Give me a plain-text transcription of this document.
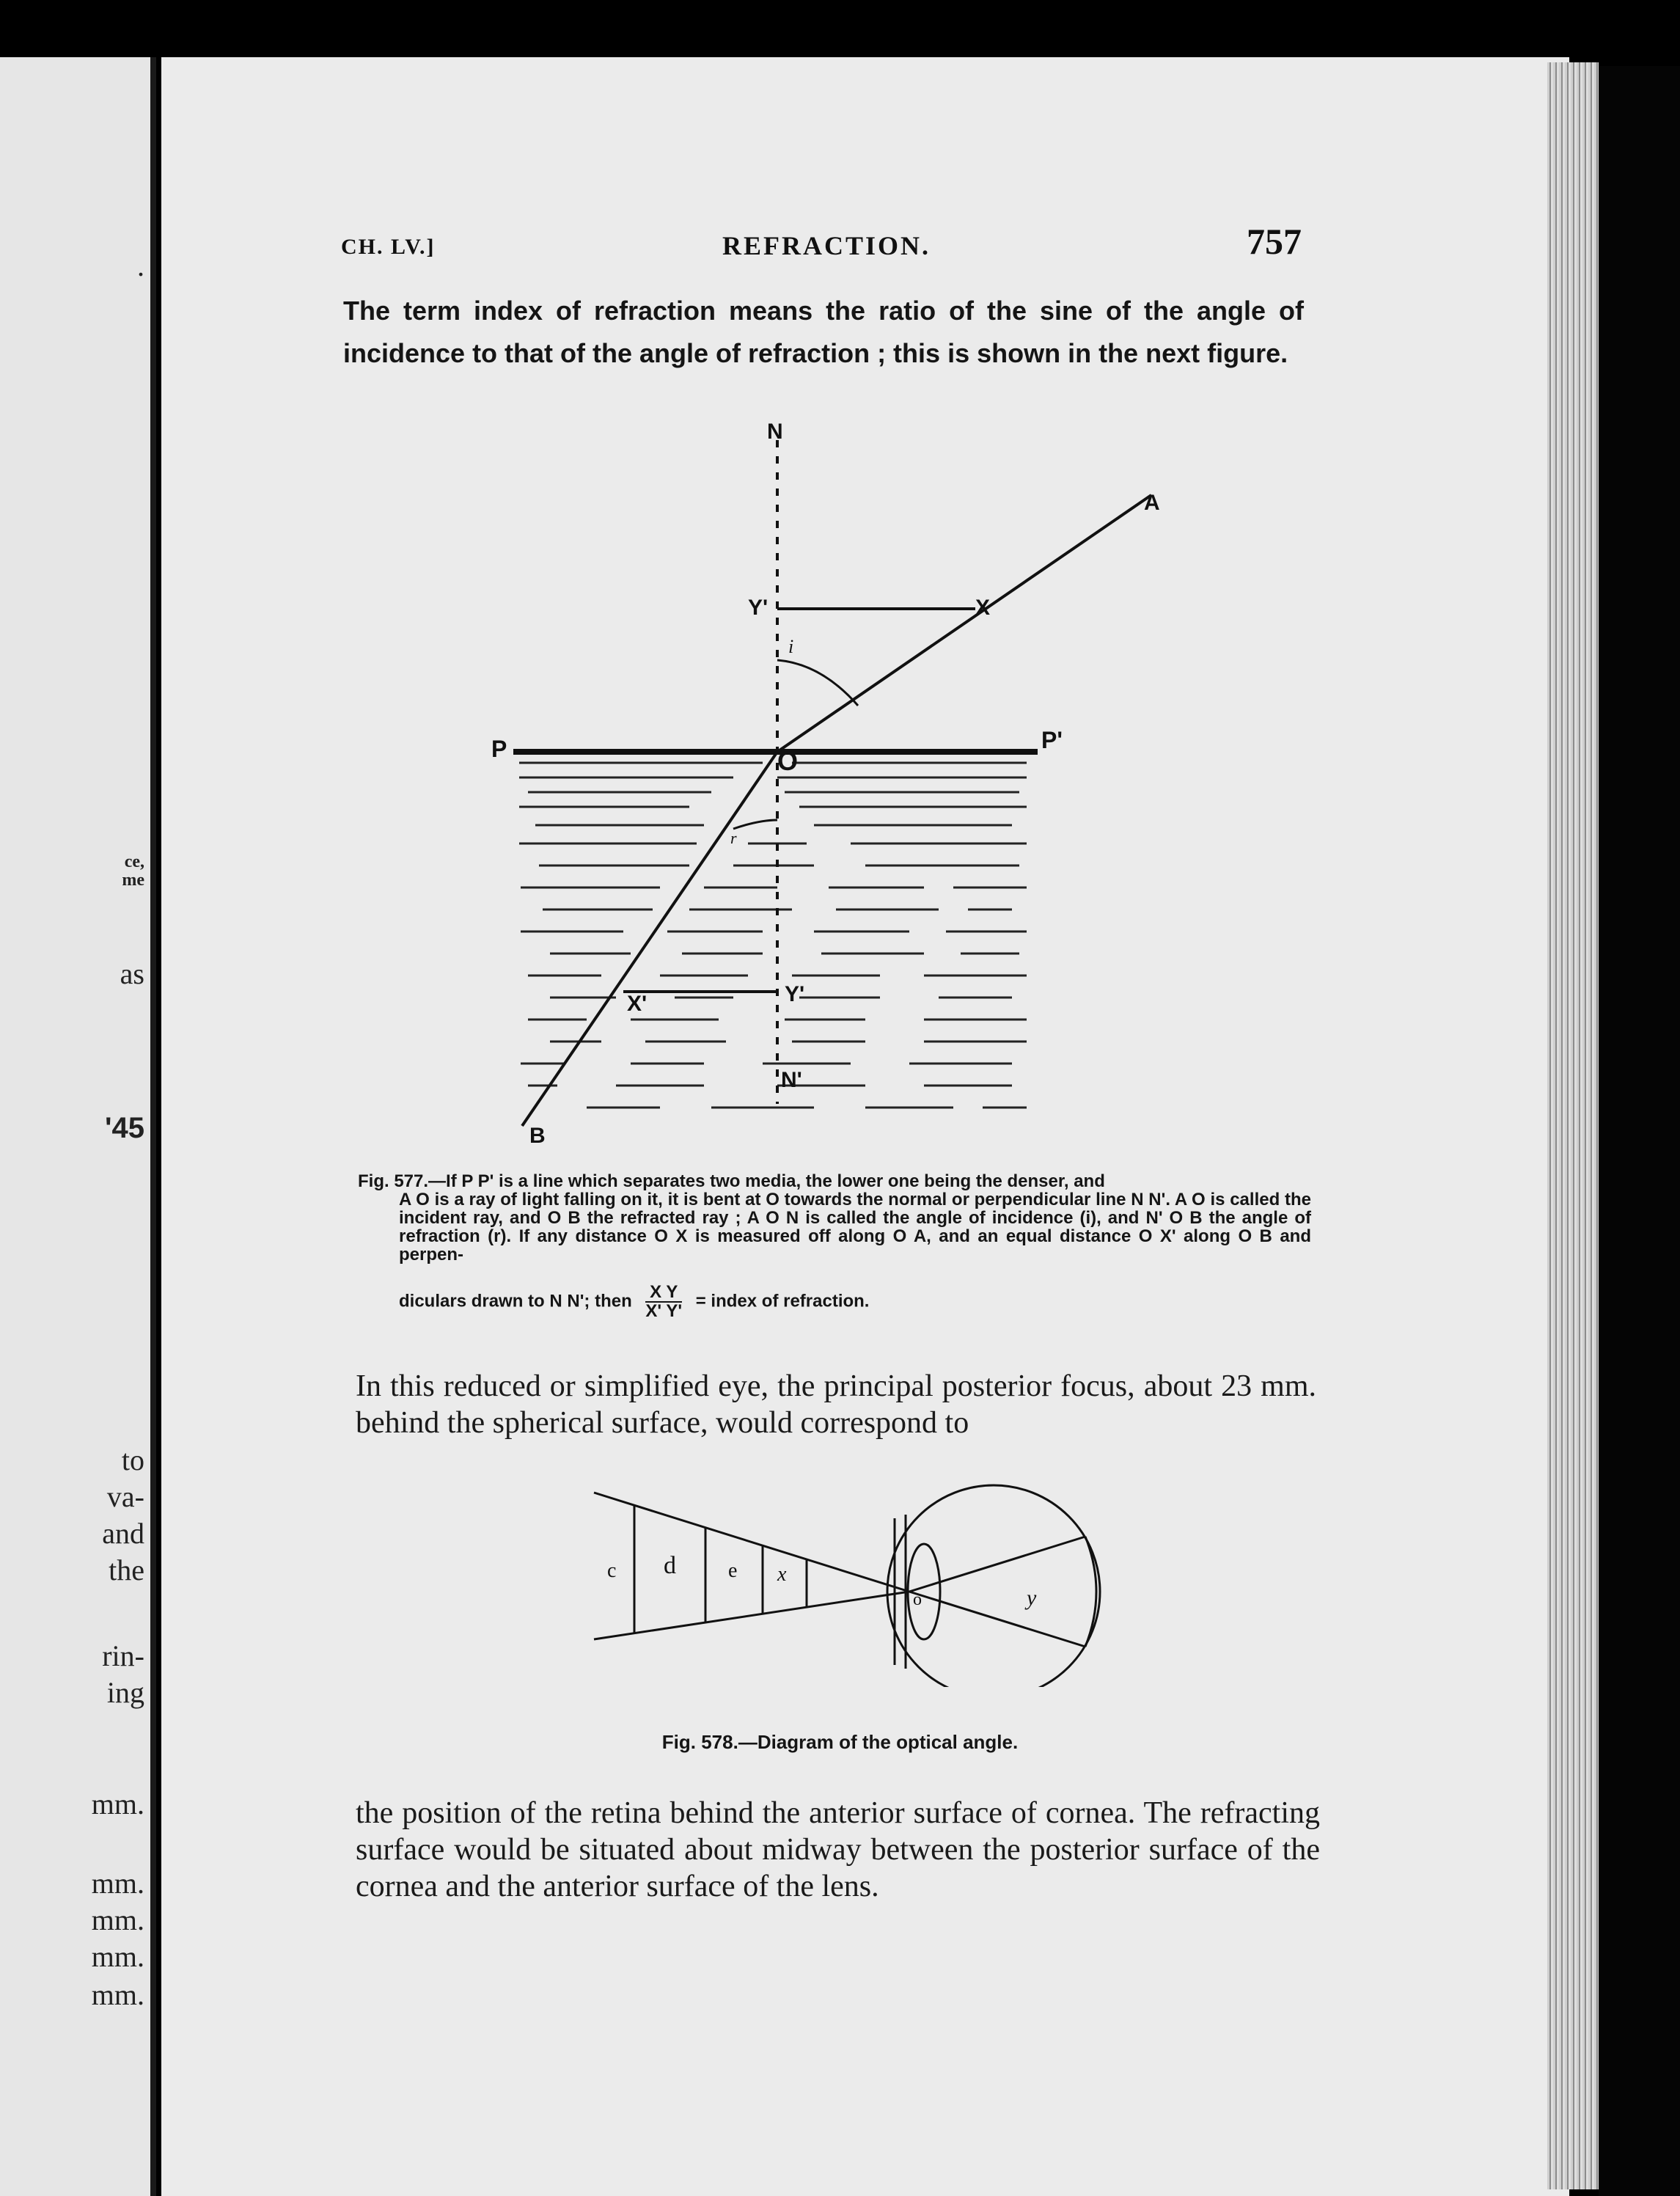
.
ce,
me
as
'45
to
va-
and
the
rin-
ing
mm.
mm.
mm.
mm.
mm.
CH. LV.]	REFRACTION.	757
The term index of refraction means the ratio of the sine of the angle of incidence to that of the angle of refraction ; this is shown in the next figure.
N
A
X
Y'
i
P	P'
O
r
X'	Y'
N'
B
Fig. 577.—If P P' is a line which separates two media, the lower one being the denser, and
A O is a ray of light falling on it, it is bent at O towards the normal or perpendicular line N N'. A O is called the incident ray, and O B the refracted ray ; A O N is called the angle of incidence (i), and N' O B the angle of refraction (r). If any distance O X is measured off along O A, and an equal distance O X' along O B and perpen-
diculars drawn to N N'; then $\frac{\text{X Y}}{X' Y'}$ = index of refraction.
In this reduced or simplified eye, the principal posterior focus, about 23 mm. behind the spherical surface, would correspond to
c d	e x
o	y
Fig. 578.—Diagram of the optical angle.
the position of the retina behind the anterior surface of cornea. The refracting surface would be situated about midway between the posterior surface of the cornea and the anterior surface of the lens.
